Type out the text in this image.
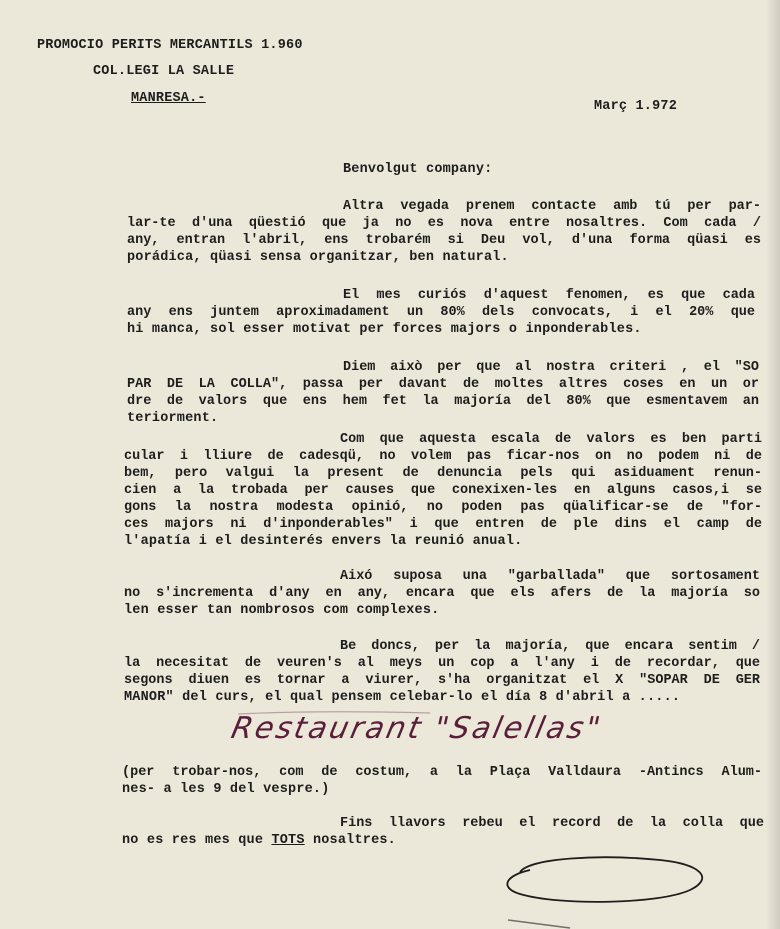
PROMOCIO PERITS MERCANTILS 1.960
COL.LEGI LA SALLE
MANRESA.-
Març 1.972
Benvolgut company:
Altra vegada prenem contacte amb tú per par-
lar-te d'una qüestió que ja no es nova entre nosaltres. Com cada /
any, entran l'abril, ens trobarém si Deu vol, d'una forma qüasi es
porádica, qüasi sensa organitzar, ben natural.
El mes curiós d'aquest fenomen, es que cada
any ens juntem aproximadament un 80% dels convocats, i el 20% que
hi manca, sol esser motivat per forces majors o inponderables.
Diem això per que al nostra criteri , el "SO
PAR DE LA COLLA", passa per davant de moltes altres coses en un or
dre de valors que ens hem fet la majoría del 80% que esmentavem an
teriorment.
Com que aquesta escala de valors es ben parti
cular i lliure de cadesqü, no volem pas ficar-nos on no podem ni de
bem, pero valgui la present de denuncia pels qui asiduament renun-
cien a la trobada per causes que conexixen-les en alguns casos,i se
gons la nostra modesta opinió, no poden pas qüalificar-se de "for-
ces majors ni d'inponderables" i que entren de ple dins el camp de
l'apatía i el desinterés envers la reunió anual.
Aixó suposa una "garballada" que sortosament
no s'incrementa d'any en any, encara que els afers de la majoría so
len esser tan nombrosos com complexes.
Be doncs, per la majoría, que encara sentim /
la necesitat de veuren's al meys un cop a l'any i de recordar, que
segons diuen es tornar a viurer, s'ha organitzat el X "SOPAR DE GER
MANOR" del curs, el qual pensem celebar-lo el día 8 d'abril a .....
Restaurant "Salellas"
(per trobar-nos, com de costum, a la Plaça Valldaura -Antincs Alum-
nes- a les 9 del vespre.)
Fins llavors rebeu el record de la colla que
no es res mes que TOTS nosaltres.
